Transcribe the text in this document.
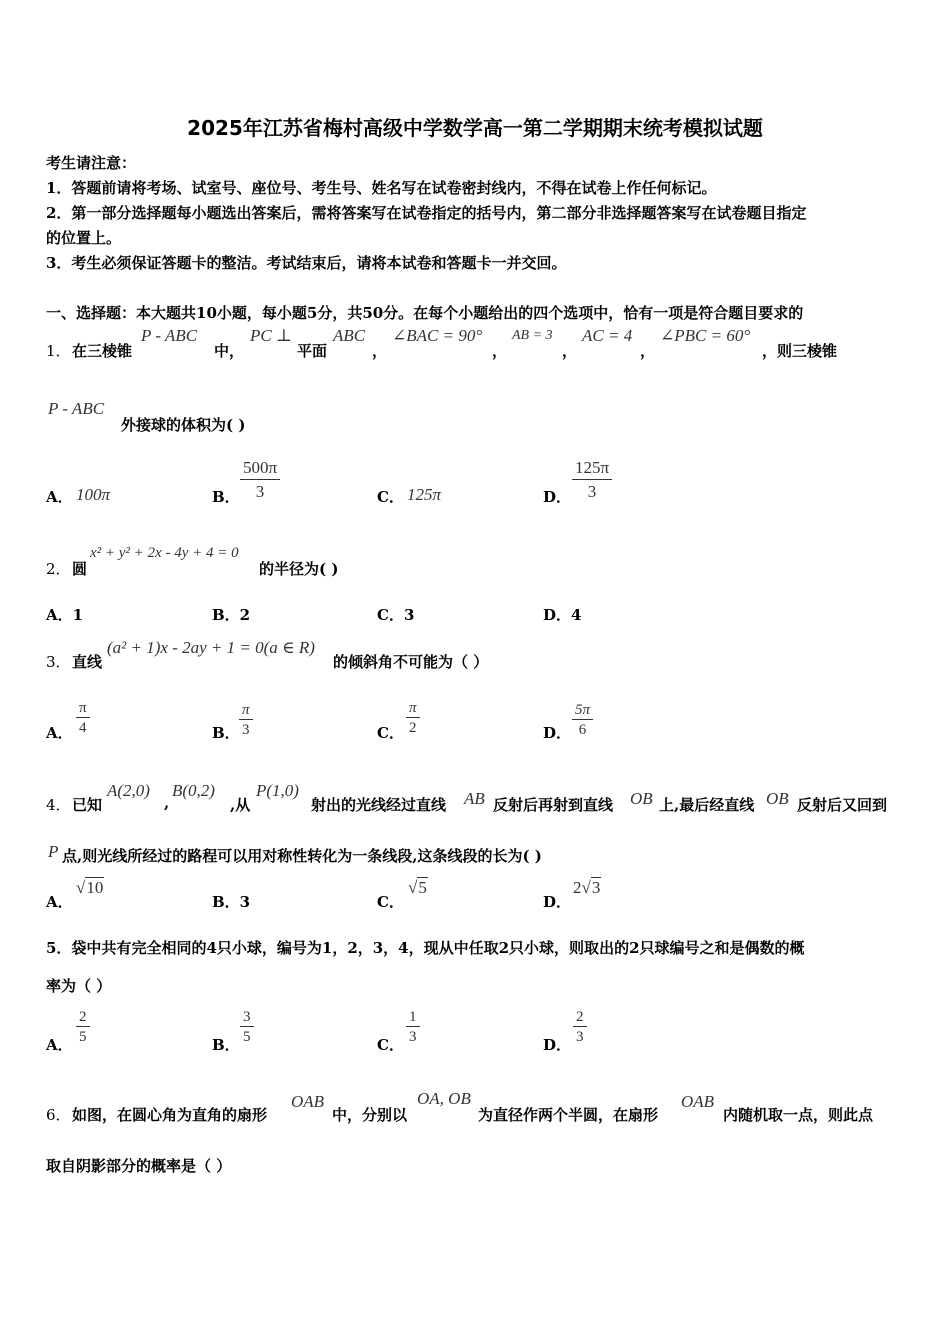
2025年江苏省梅村高级中学数学高一第二学期期末统考模拟试题
考生请注意：
1．答题前请将考场、试室号、座位号、考生号、姓名写在试卷密封线内，不得在试卷上作任何标记。
2．第一部分选择题每小题选出答案后，需将答案写在试卷指定的括号内，第二部分非选择题答案写在试卷题目指定
的位置上。
3．考生必须保证答题卡的整洁。考试结束后，请将本试卷和答题卡一并交回。
一、选择题：本大题共10小题，每小题5分，共50分。在每个小题给出的四个选项中，恰有一项是符合题目要求的
1． 在三棱锥
P - ABC
中，
PC ⊥
平面
ABC
，
∠BAC = 90°
，
AB = 3
，
AC = 4
，
∠PBC = 60°
，则三棱锥
P - ABC
外接球的体积为( )
A． 100π	B． $\frac{500\pi}{3}$	C． 125π	D． $\frac{125\pi}{3}$
2． 圆
x² + y² + 2x - 4y + 4 = 0
的半径为( )
A．1	B．2	C．3	D．4
3． 直线
(a² + 1)x - 2ay + 1 = 0(a ∈ R)
的倾斜角不可能为（ ）
A． $\frac{\pi}{4}$	B． $\frac{\pi}{3}$	C． $\frac{\pi}{2}$	D． $\frac{5\pi}{6}$
4． 已知
A(2,0)
,
B(0,2)
,从
P(1,0)
射出的光线经过直线 AB 反射后再射到直线 OB 上,最后经直线 OB 反射后又回到
P 点,则光线所经过的路程可以用对称性转化为一条线段,这条线段的长为( )
A．
√10
B．3	C．
√5
D．
2√3
5．袋中共有完全相同的4只小球，编号为1，2，3，4，现从中任取2只小球，则取出的2只球编号之和是偶数的概
率为（ ）
A． $\frac{2}{5}$	B． $\frac{3}{5}$	C． $\frac{1}{3}$	D． $\frac{2}{3}$
6． 如图，在圆心角为直角的扇形
OAB
中，分别以
OA, OB
为直径作两个半圆，在扇形
OAB
内随机取一点，则此点
取自阴影部分的概率是（ ）
